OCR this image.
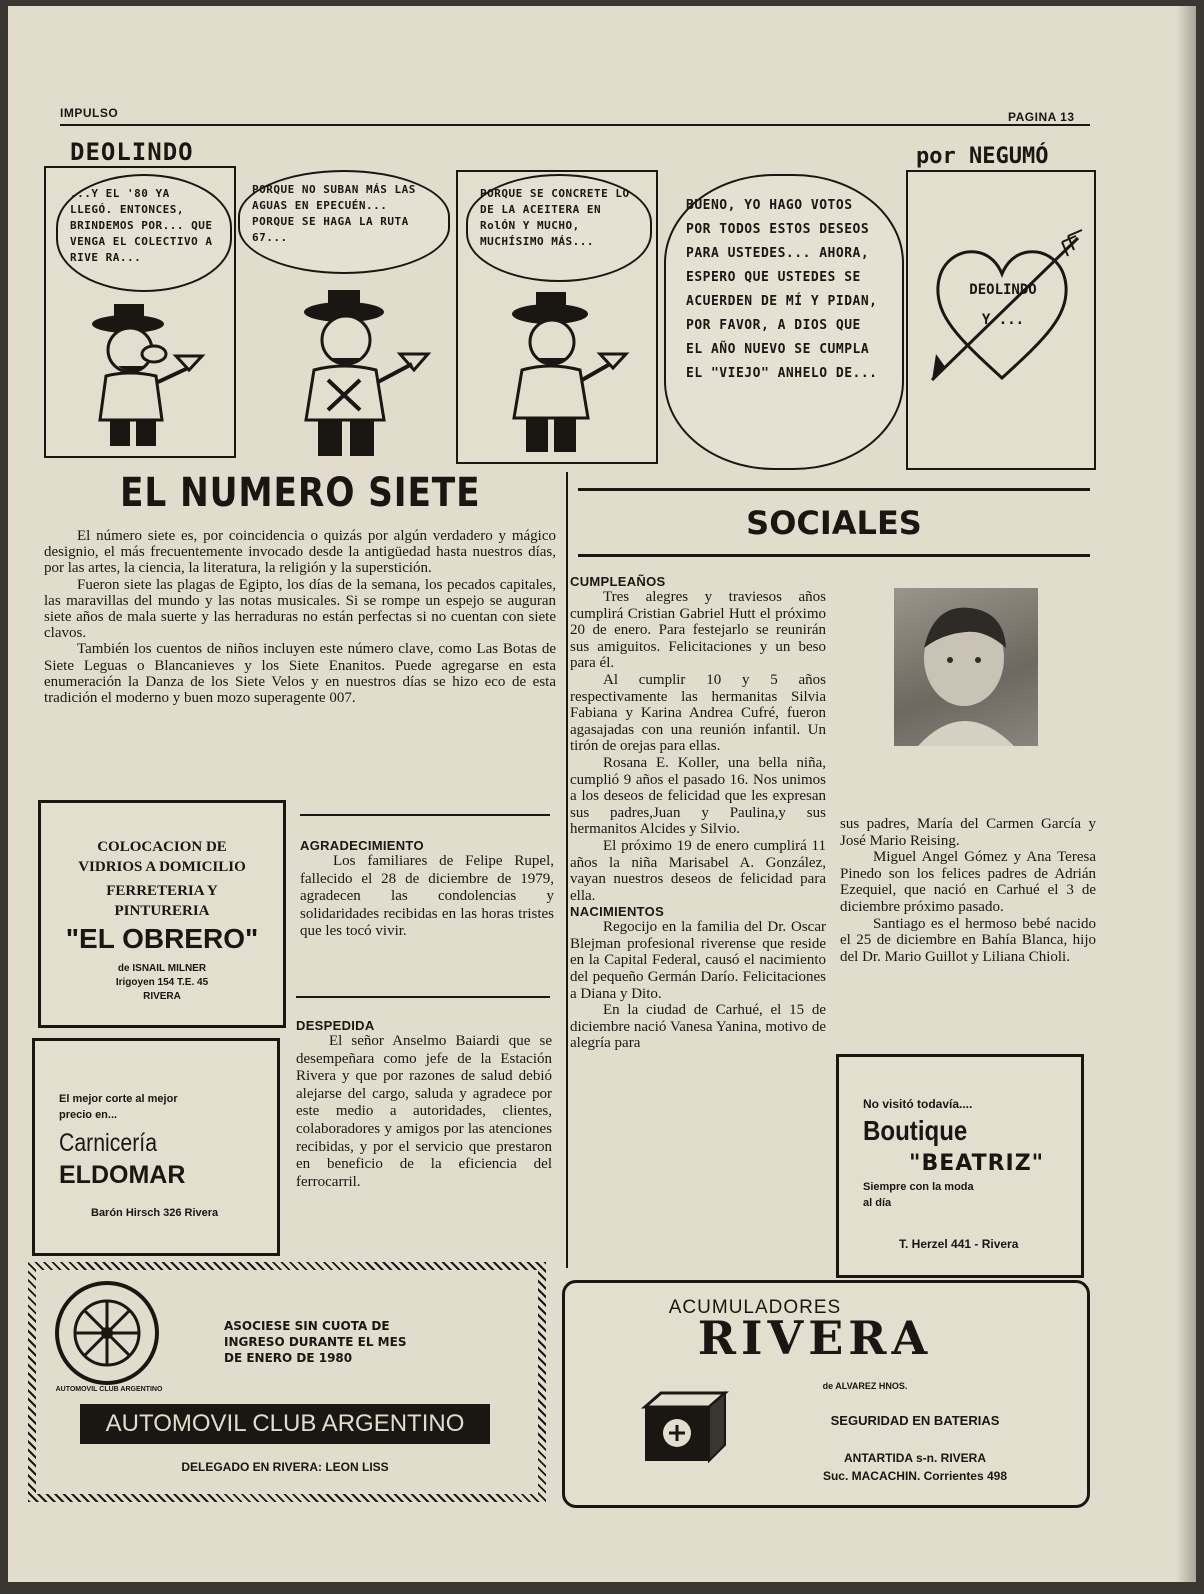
IMPULSO	PAGINA 13
DEOLINDO	por NEGUMÓ
...Y EL '80 YA LLEGÓ. ENTONCES, BRINDEMOS POR... QUE VENGA EL COLECTIVO A RIVE RA...
PORQUE NO SUBAN MÁS LAS AGUAS EN EPECUÉN... PORQUE SE HAGA LA RUTA 67...
PORQUE SE CONCRETE LO DE LA ACEITERA EN RolÓN Y MUCHO, MUCHÍSIMO MÁS...
BUENO, YO HAGO VOTOS POR TODOS ESTOS DESEOS PARA USTEDES... AHORA, ESPERO QUE USTEDES SE ACUERDEN DE MÍ Y PIDAN, POR FAVOR, A DIOS QUE EL AÑO NUEVO SE CUMPLA EL "VIEJO" ANHELO DE...
DEOLINDO
Y ...
EL NUMERO SIETE

El número siete es, por coincidencia o quizás por algún verdadero y mágico designio, el más frecuentemente invocado desde la antigüedad hasta nuestros días, por las artes, la ciencia, la literatura, la religión y la superstición.

Fueron siete las plagas de Egipto, los días de la semana, los pecados capitales, las maravillas del mundo y las notas musicales. Si se rompe un espejo se auguran siete años de mala suerte y las herraduras no están perfectas si no cuentan con siete clavos.

También los cuentos de niños incluyen este número clave, como Las Botas de Siete Leguas o Blancanieves y los Siete Enanitos. Puede agregarse en esta enumeración la Danza de los Siete Velos y en nuestros días se hizo eco de esta tradición el moderno y buen mozo superagente 007.

COLOCACION DE
VIDRIOS A DOMICILIO
FERRETERIA Y
PINTURERIA
"EL OBRERO"
de ISNAIL MILNER
Irigoyen 154 T.E. 45
RIVERA
El mejor corte al mejor
precio en...
Carnicería
ELDOMAR
Barón Hirsch 326 Rivera

AGRADECIMIENTO

Los familiares de Felipe Rupel, fallecido el 28 de diciembre de 1979, agradecen las condolencias y solidaridades recibidas en las horas tristes que les tocó vivir.

DESPEDIDA

El señor Anselmo Baiardi que se desempeñara como jefe de la Estación Rivera y que por razones de salud debió alejarse del cargo, saluda y agradece por este medio a autoridades, clientes, colaboradores y amigos por las atenciones recibidas, y por el servicio que prestaron en beneficio de la eficiencia del ferrocarril.

SOCIALES

CUMPLEAÑOS

Tres alegres y traviesos años cumplirá Cristian Gabriel Hutt el próximo 20 de enero. Para festejarlo se reunirán sus amiguitos. Felicitaciones y un beso para él.

Al cumplir 10 y 5 años respectivamente las hermanitas Silvia Fabiana y Karina Andrea Cufré, fueron agasajadas con una reunión infantil. Un tirón de orejas para ellas.

Rosana E. Koller, una bella niña, cumplió 9 años el pasado 16. Nos unimos a los deseos de felicidad que les expresan sus padres,Juan y Paulina,y sus hermanitos Alcides y Silvio.

El próximo 19 de enero cumplirá 11 años la niña Marisabel A. González, vayan nuestros deseos de felicidad para ella.

NACIMIENTOS

Regocijo en la familia del Dr. Oscar Blejman profesional riverense que reside en la Capital Federal, causó el nacimiento del pequeño Germán Darío. Felicitaciones a Diana y Dito.

En la ciudad de Carhué, el 15 de diciembre nació Vanesa Yanina, motivo de alegría para

sus padres, María del Carmen García y José Mario Reising.

Miguel Angel Gómez y Ana Teresa Pinedo son los felices padres de Adrián Ezequiel, que nació en Carhué el 3 de diciembre próximo pasado.

Santiago es el hermoso bebé nacido el 25 de diciembre en Bahía Blanca, hijo del Dr. Mario Guillot y Liliana Chioli.

No visitó todavía....
Boutique
"BEATRIZ"
Siempre con la moda
al día
T. Herzel 441 - Rivera
AUTOMOVIL CLUB ARGENTINO
ASOCIESE SIN CUOTA DE
INGRESO DURANTE EL MES
DE ENERO DE 1980
AUTOMOVIL CLUB ARGENTINO
DELEGADO EN RIVERA: LEON LISS
ACUMULADORES
RIVERA
de ALVAREZ HNOS.
SEGURIDAD EN BATERIAS
ANTARTIDA s-n. RIVERA
Suc. MACACHIN. Corrientes 498
